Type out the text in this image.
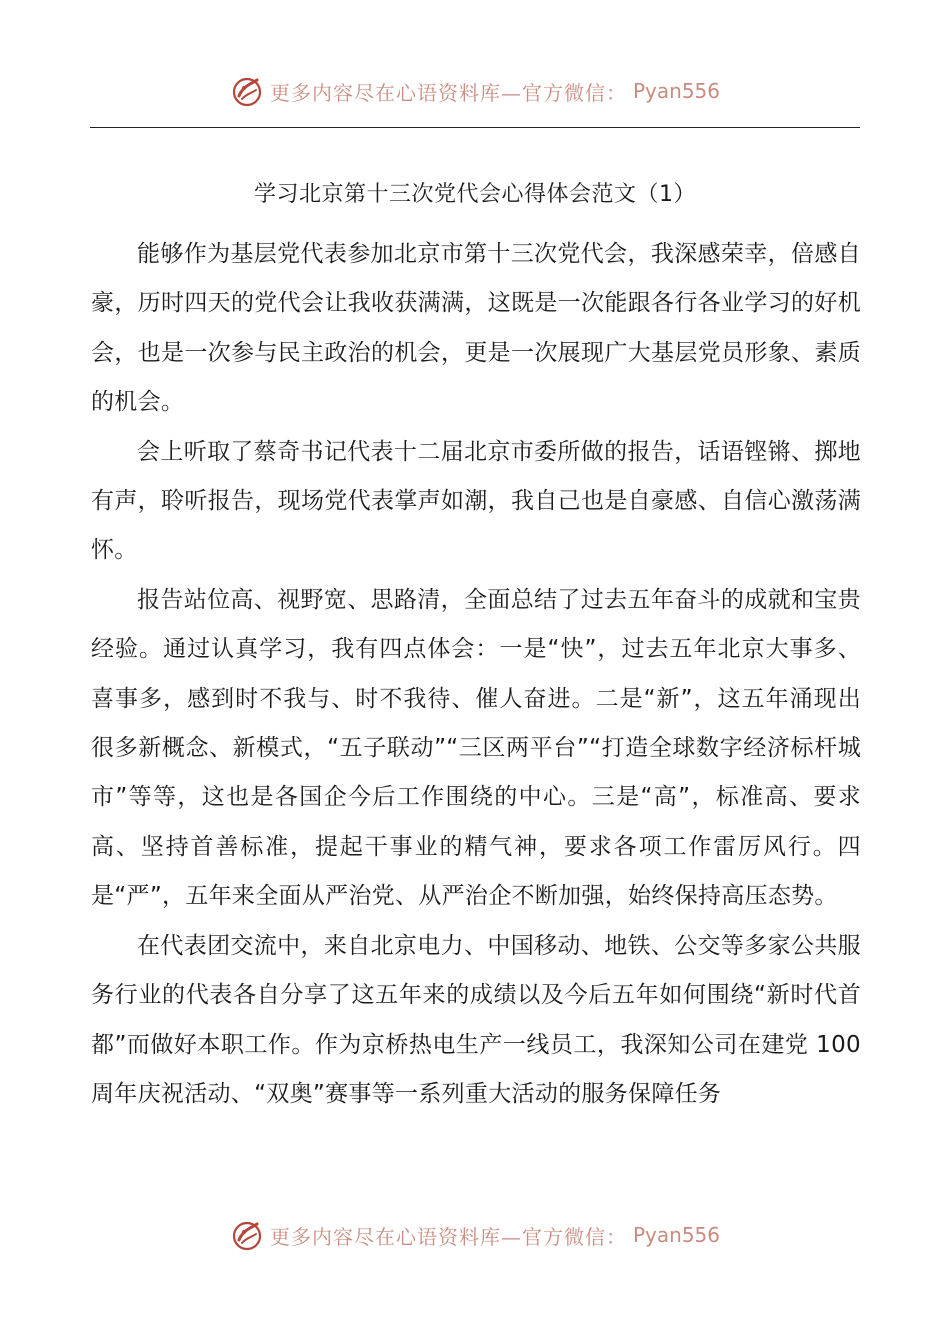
更多内容尽在心语资料库—官方微信： Pyan556
学习北京第十三次党代会心得体会范文（1）

能够作为基层党代表参加北京市第十三次党代会，我深感荣幸，倍感自豪，历时四天的党代会让我收获满满，这既是一次能跟各行各业学习的好机会，也是一次参与民主政治的机会，更是一次展现广大基层党员形象、素质的机会。

会上听取了蔡奇书记代表十二届北京市委所做的报告，话语铿锵、掷地有声，聆听报告，现场党代表掌声如潮，我自己也是自豪感、自信心激荡满怀。

报告站位高、视野宽、思路清，全面总结了过去五年奋斗的成就和宝贵经验。通过认真学习，我有四点体会：一是“快”，过去五年北京大事多、喜事多，感到时不我与、时不我待、催人奋进。二是“新”，这五年涌现出很多新概念、新模式，“五子联动”“三区两平台”“打造全球数字经济标杆城市”等等，这也是各国企今后工作围绕的中心。三是“高”，标准高、要求高、坚持首善标准，提起干事业的精气神，要求各项工作雷厉风行。四是“严”，五年来全面从严治党、从严治企不断加强，始终保持高压态势。

在代表团交流中，来自北京电力、中国移动、地铁、公交等多家公共服务行业的代表各自分享了这五年来的成绩以及今后五年如何围绕“新时代首都”而做好本职工作。作为京桥热电生产一线员工，我深知公司在建党 100 周年庆祝活动、“双奥”赛事等一系列重大活动的服务保障任务

更多内容尽在心语资料库—官方微信： Pyan556
